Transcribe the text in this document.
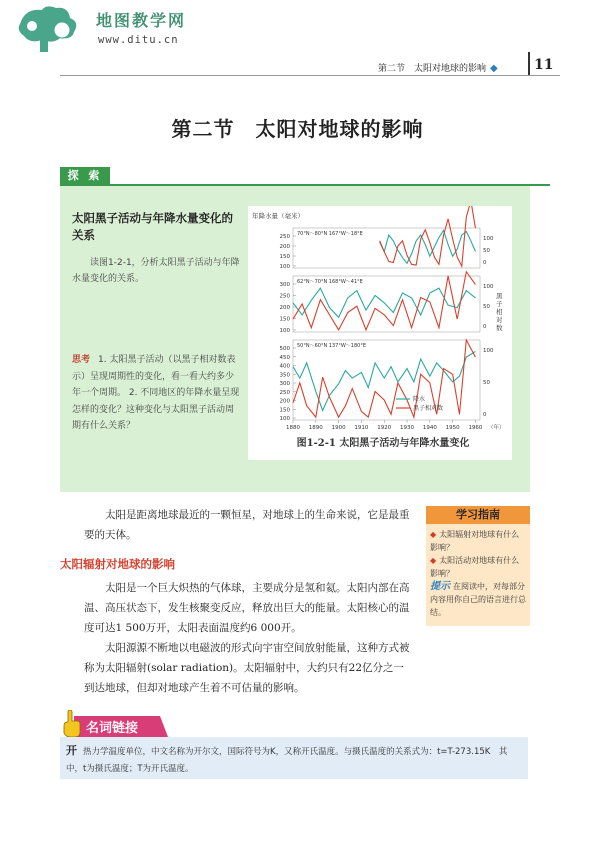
地图教学网
www.ditu.cn
第二节　太阳对地球的影响 ◆	11
第二节　太阳对地球的影响
探 索
太阳黑子活动与年降水量变化的关系
读图1-2-1，分析太阳黑子活动与年降水量变化的关系。
思考 1. 太阳黑子活动（以黑子相对数表示）呈现周期性的变化，看一看大约多少年一个周期。 2. 不同地区的年降水量呈现怎样的变化？这种变化与太阳黑子活动周期有什么关系？
年降水量（毫米）
黑
子
相
对
数
70°N～80°N 167°W～18°E
250
200
150
100
100
50
0
62°N～70°N 168°W～41°E
300
250
200
150
100
100
50
0
50°N～60°N 137°W～180°E
500
450
400
350
300
250
200
150
100
100
50
0
1880 1890 1900 1910 1920 1930 1940 1950 1960 （年）
降水
黑子相对数
图1-2-1 太阳黑子活动与年降水量变化
太阳是距离地球最近的一颗恒星，对地球上的生命来说，它是最重要的天体。
太阳辐射对地球的影响
太阳是一个巨大炽热的气体球，主要成分是氢和氦。太阳内部在高温、高压状态下，发生核聚变反应，释放出巨大的能量。太阳核心的温度可达1 500万开，太阳表面温度约6 000开。
太阳源源不断地以电磁波的形式向宇宙空间放射能量，这种方式被称为太阳辐射(solar radiation)。太阳辐射中，大约只有22亿分之一到达地球，但却对地球产生着不可估量的影响。
学习指南
◆ 太阳辐射对地球有什么影响？
◆ 太阳活动对地球有什么影响？
提示 在阅读中，对每部分内容用你自己的语言进行总结。
名词链接
开 热力学温度单位，中文名称为开尔文，国际符号为K，又称开氏温度。与摄氏温度的关系式为：t=T-273.15K　其中，t为摄氏温度；T为开氏温度。
